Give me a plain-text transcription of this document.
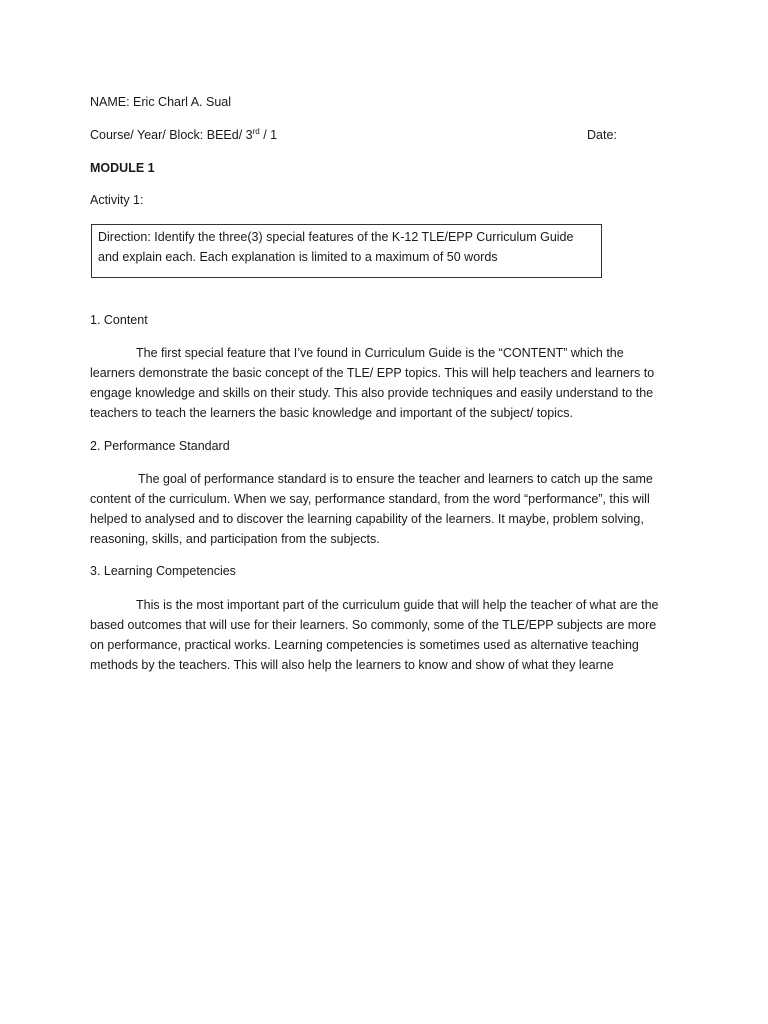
NAME: Eric Charl A. Sual
Course/ Year/ Block: BEEd/ 3rd / 1	Date:
MODULE 1
Activity 1:
Direction: Identify the three(3) special features of the K-12 TLE/EPP Curriculum Guide
and explain each. Each explanation is limited to a maximum of 50 words
1. Content
The first special feature that I’ve found in Curriculum Guide is the “CONTENT” which the
learners demonstrate the basic concept of the TLE/ EPP topics. This will help teachers and learners to
engage knowledge and skills on their study. This also provide techniques and easily understand to the
teachers to teach the learners the basic knowledge and important of the subject/ topics.
2. Performance Standard
The goal of performance standard is to ensure the teacher and learners to catch up the same
content of the curriculum. When we say, performance standard, from the word “performance”, this will
helped to analysed and to discover the learning capability of the learners. It maybe, problem solving,
reasoning, skills, and participation from the subjects.
3. Learning Competencies
This is the most important part of the curriculum guide that will help the teacher of what are the
based outcomes that will use for their learners. So commonly, some of the TLE/EPP subjects are more
on performance, practical works. Learning competencies is sometimes used as alternative teaching
methods by the teachers. This will also help the learners to know and show of what they learne
